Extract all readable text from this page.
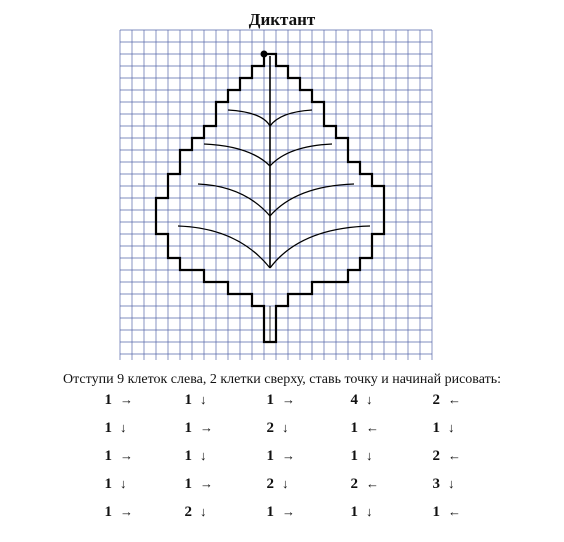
Диктант
Отступи 9 клеток слева, 2 клетки сверху, ставь точку и начинай рисовать:
1 →	1 ↓	1 →	4 ↓	2 ←
1 ↓	1 →	2 ↓	1 ←	1 ↓
1 →	1 ↓	1 →	1 ↓	2 ←
1 ↓	1 →	2 ↓	2 ←	3 ↓
1 →	2 ↓	1 →	1 ↓	1 ←
